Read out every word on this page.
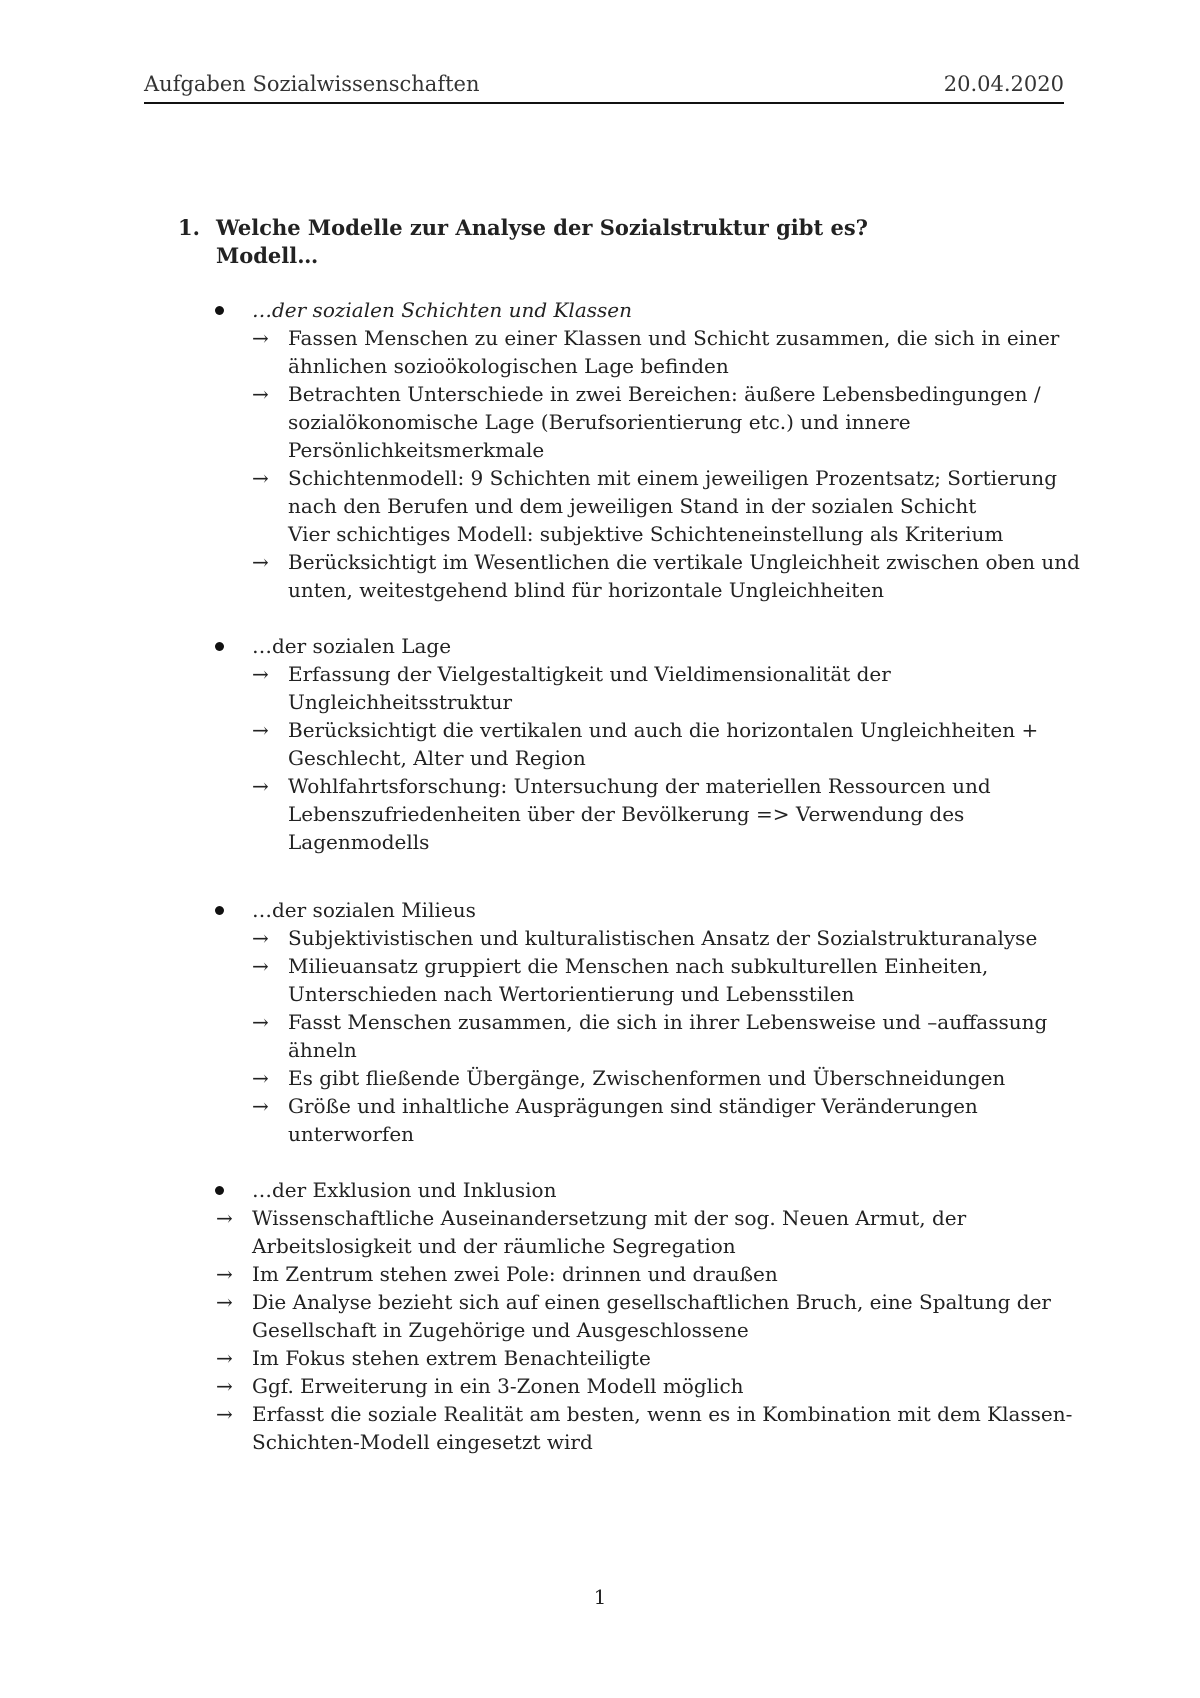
Aufgaben Sozialwissenschaften	20.04.2020
1. Welche Modelle zur Analyse der Sozialstruktur gibt es?
Modell…
…der sozialen Schichten und Klassen
→ Fassen Menschen zu einer Klassen und Schicht zusammen, die sich in einer
ähnlichen sozioökologischen Lage befinden
→ Betrachten Unterschiede in zwei Bereichen: äußere Lebensbedingungen /
sozialökonomische Lage (Berufsorientierung etc.) und innere
Persönlichkeitsmerkmale
→ Schichtenmodell: 9 Schichten mit einem jeweiligen Prozentsatz; Sortierung
nach den Berufen und dem jeweiligen Stand in der sozialen Schicht
Vier schichtiges Modell: subjektive Schichteneinstellung als Kriterium
→ Berücksichtigt im Wesentlichen die vertikale Ungleichheit zwischen oben und
unten, weitestgehend blind für horizontale Ungleichheiten
…der sozialen Lage
→ Erfassung der Vielgestaltigkeit und Vieldimensionalität der
Ungleichheitsstruktur
→ Berücksichtigt die vertikalen und auch die horizontalen Ungleichheiten +
Geschlecht, Alter und Region
→ Wohlfahrtsforschung: Untersuchung der materiellen Ressourcen und
Lebenszufriedenheiten über der Bevölkerung => Verwendung des
Lagenmodells
…der sozialen Milieus
→ Subjektivistischen und kulturalistischen Ansatz der Sozialstrukturanalyse
→ Milieuansatz gruppiert die Menschen nach subkulturellen Einheiten,
Unterschieden nach Wertorientierung und Lebensstilen
→ Fasst Menschen zusammen, die sich in ihrer Lebensweise und –auffassung
ähneln
→ Es gibt fließende Übergänge, Zwischenformen und Überschneidungen
→ Größe und inhaltliche Ausprägungen sind ständiger Veränderungen
unterworfen
…der Exklusion und Inklusion
→ Wissenschaftliche Auseinandersetzung mit der sog. Neuen Armut, der
Arbeitslosigkeit und der räumliche Segregation
→ Im Zentrum stehen zwei Pole: drinnen und draußen
→ Die Analyse bezieht sich auf einen gesellschaftlichen Bruch, eine Spaltung der
Gesellschaft in Zugehörige und Ausgeschlossene
→ Im Fokus stehen extrem Benachteiligte
→ Ggf. Erweiterung in ein 3-Zonen Modell möglich
→ Erfasst die soziale Realität am besten, wenn es in Kombination mit dem Klassen-
Schichten-Modell eingesetzt wird
1
